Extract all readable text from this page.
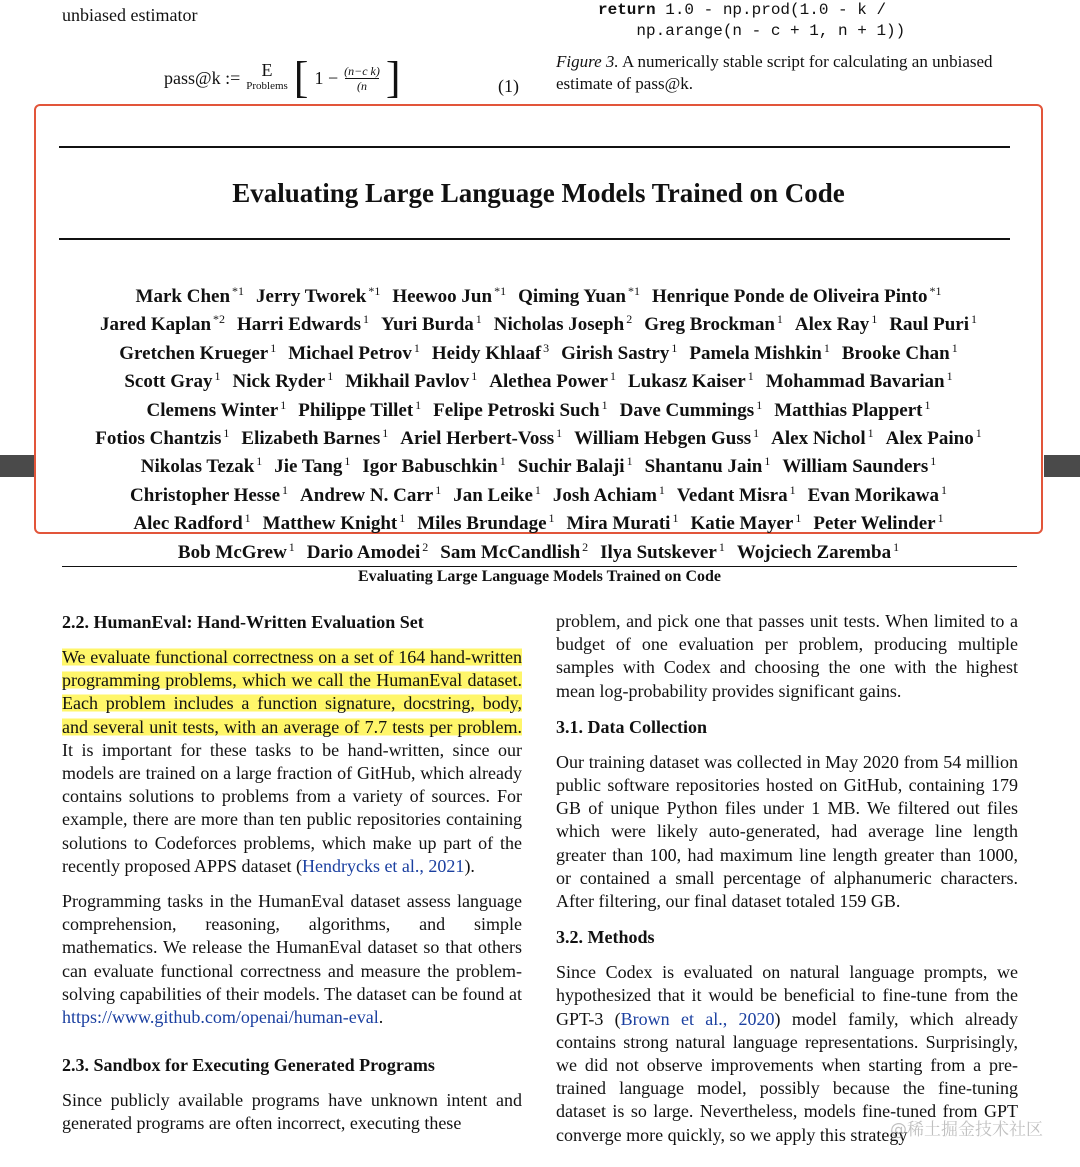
unbiased estimator
pass@k := E
Problems [ $1 - \frac{\text{(n−c k)}}{(n}$ ]	(1)
return 1.0 - np.prod(1.0 - k /
np.arange(n - c + 1, n + 1))
Figure 3. A numerically stable script for calculating an unbiased estimate of pass@k.
Evaluating Large Language Models Trained on Code
Mark Chen $^{*1}$ Jerry Tworek $^{*1}$ Heewoo Jun $^{*1}$ Qiming Yuan $^{*1}$ Henrique Ponde de Oliveira Pinto $^{*1}$
Jared Kaplan $^{*2}$ Harri Edwards $^1$ Yuri Burda $^1$ Nicholas Joseph $^2$ Greg Brockman $^1$ Alex Ray $^1$ Raul Puri $^1$
Gretchen Krueger $^1$ Michael Petrov $^1$ Heidy Khlaaf $^3$ Girish Sastry $^1$ Pamela Mishkin $^1$ Brooke Chan $^1$
Scott Gray $^1$ Nick Ryder $^1$ Mikhail Pavlov $^1$ Alethea Power $^1$ Lukasz Kaiser $^1$ Mohammad Bavarian $^1$
Clemens Winter $^1$ Philippe Tillet $^1$ Felipe Petroski Such $^1$ Dave Cummings $^1$ Matthias Plappert $^1$
Fotios Chantzis $^1$ Elizabeth Barnes $^1$ Ariel Herbert-Voss $^1$ William Hebgen Guss $^1$ Alex Nichol $^1$ Alex Paino $^1$
Nikolas Tezak $^1$ Jie Tang $^1$ Igor Babuschkin $^1$ Suchir Balaji $^1$ Shantanu Jain $^1$ William Saunders $^1$
Christopher Hesse $^1$ Andrew N. Carr $^1$ Jan Leike $^1$ Josh Achiam $^1$ Vedant Misra $^1$ Evan Morikawa $^1$
Alec Radford $^1$ Matthew Knight $^1$ Miles Brundage $^1$ Mira Murati $^1$ Katie Mayer $^1$ Peter Welinder $^1$
Bob McGrew $^1$ Dario Amodei $^2$ Sam McCandlish $^2$ Ilya Sutskever $^1$ Wojciech Zaremba $^1$
Evaluating Large Language Models Trained on Code
2.2. HumanEval: Hand-Written Evaluation Set

We evaluate functional correctness on a set of 164 hand-written programming problems, which we call the HumanEval dataset. Each problem includes a function signature, docstring, body, and several unit tests, with an average of 7.7 tests per problem. It is important for these tasks to be hand-written, since our models are trained on a large fraction of GitHub, which already contains solutions to problems from a variety of sources. For example, there are more than ten public repositories containing solutions to Codeforces problems, which make up part of the recently proposed APPS dataset (Hendrycks et al., 2021).

Programming tasks in the HumanEval dataset assess language comprehension, reasoning, algorithms, and simple mathematics. We release the HumanEval dataset so that others can evaluate functional correctness and measure the problem-solving capabilities of their models. The dataset can be found at https://www.github.com/openai/human-eval.

2.3. Sandbox for Executing Generated Programs

Since publicly available programs have unknown intent and generated programs are often incorrect, executing these

problem, and pick one that passes unit tests. When limited to a budget of one evaluation per problem, producing multiple samples with Codex and choosing the one with the highest mean log-probability provides significant gains.

3.1. Data Collection

Our training dataset was collected in May 2020 from 54 million public software repositories hosted on GitHub, containing 179 GB of unique Python files under 1 MB. We filtered out files which were likely auto-generated, had average line length greater than 100, had maximum line length greater than 1000, or contained a small percentage of alphanumeric characters. After filtering, our final dataset totaled 159 GB.

3.2. Methods

Since Codex is evaluated on natural language prompts, we hypothesized that it would be beneficial to fine-tune from the GPT-3 (Brown et al., 2020) model family, which already contains strong natural language representations. Surprisingly, we did not observe improvements when starting from a pre-trained language model, possibly because the fine-tuning dataset is so large. Nevertheless, models fine-tuned from GPT converge more quickly, so we apply this strategy

@稀土掘金技术社区
